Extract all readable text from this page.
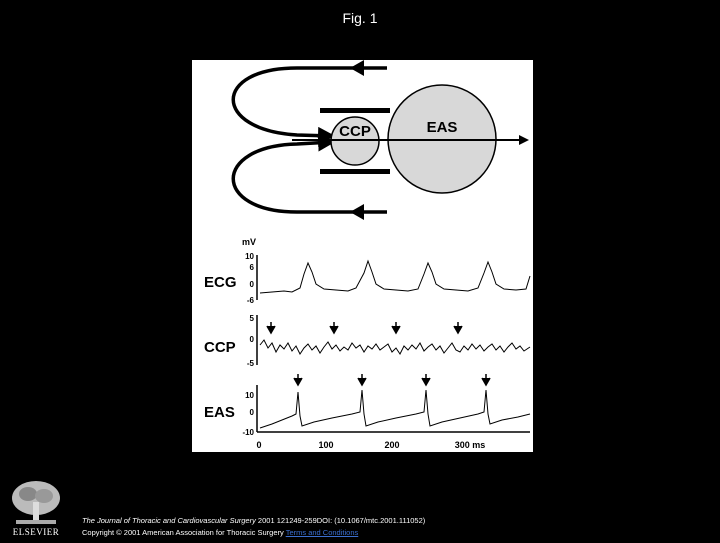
Fig. 1
CCP	EAS
mV
ECG
10
6
0
-6
CCP
5
0
-5
EAS
10
0
-10
0	100	200	300 ms
ELSEVIER
The Journal of Thoracic and Cardiovascular Surgery 2001 121249-259DOI: (10.1067/mtc.2001.111052)
Copyright © 2001 American Association for Thoracic Surgery Terms and Conditions
